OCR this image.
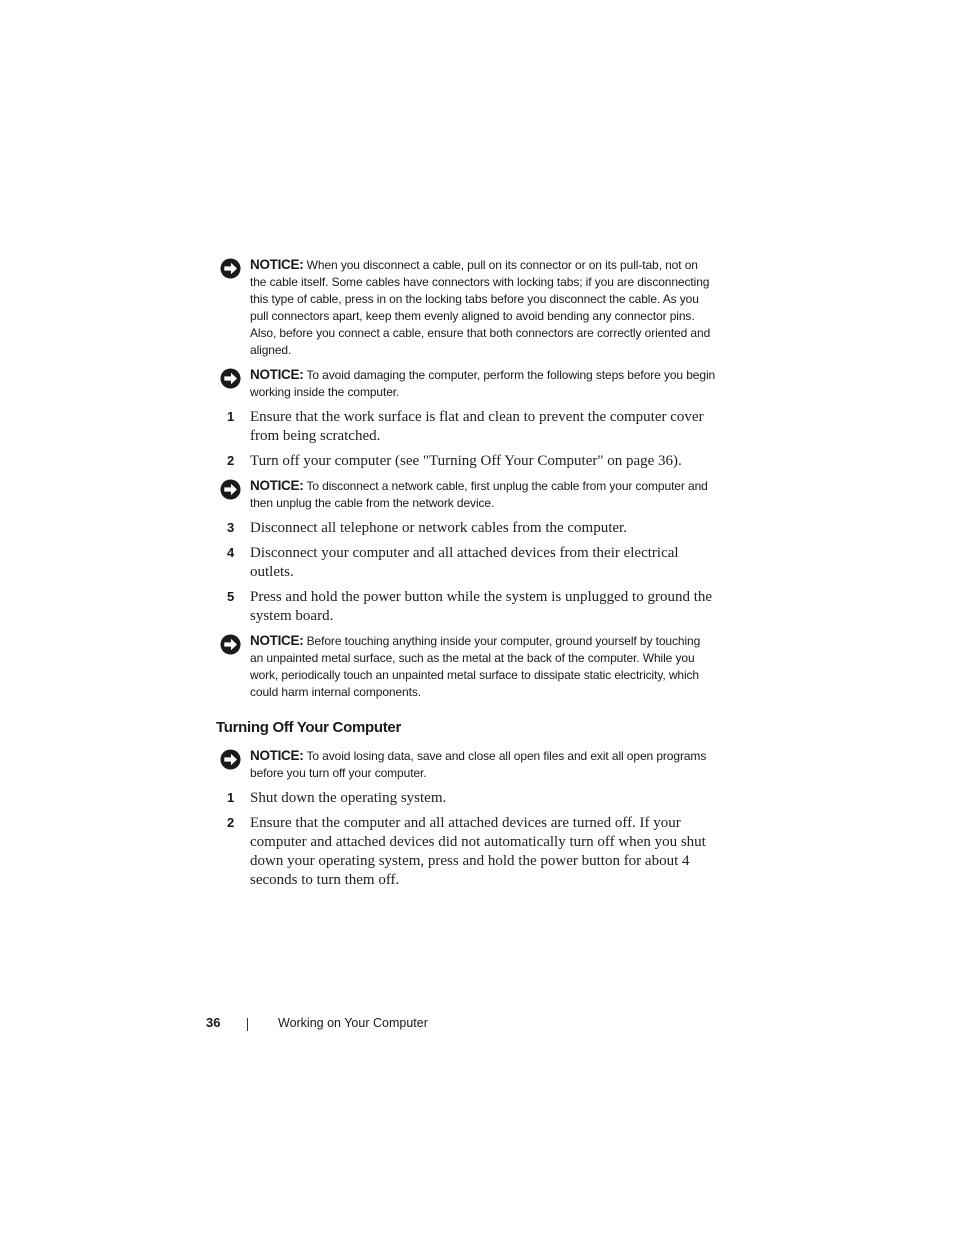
NOTICE: When you disconnect a cable, pull on its connector or on its pull-tab, not on the cable itself. Some cables have connectors with locking tabs; if you are disconnecting this type of cable, press in on the locking tabs before you disconnect the cable. As you pull connectors apart, keep them evenly aligned to avoid bending any connector pins. Also, before you connect a cable, ensure that both connectors are correctly oriented and aligned.

NOTICE: To avoid damaging the computer, perform the following steps before you begin working inside the computer.

1 Ensure that the work surface is flat and clean to prevent the computer cover from being scratched.
2 Turn off your computer (see "Turning Off Your Computer" on page 36).

NOTICE: To disconnect a network cable, first unplug the cable from your computer and then unplug the cable from the network device.

3 Disconnect all telephone or network cables from the computer.
4 Disconnect your computer and all attached devices from their electrical outlets.
5 Press and hold the power button while the system is unplugged to ground the system board.

NOTICE: Before touching anything inside your computer, ground yourself by touching an unpainted metal surface, such as the metal at the back of the computer. While you work, periodically touch an unpainted metal surface to dissipate static electricity, which could harm internal components.

Turning Off Your Computer

NOTICE: To avoid losing data, save and close all open files and exit all open programs before you turn off your computer.

1 Shut down the operating system.
2 Ensure that the computer and all attached devices are turned off. If your computer and attached devices did not automatically turn off when you shut down your operating system, press and hold the power button for about 4 seconds to turn them off.
36	Working on Your Computer
